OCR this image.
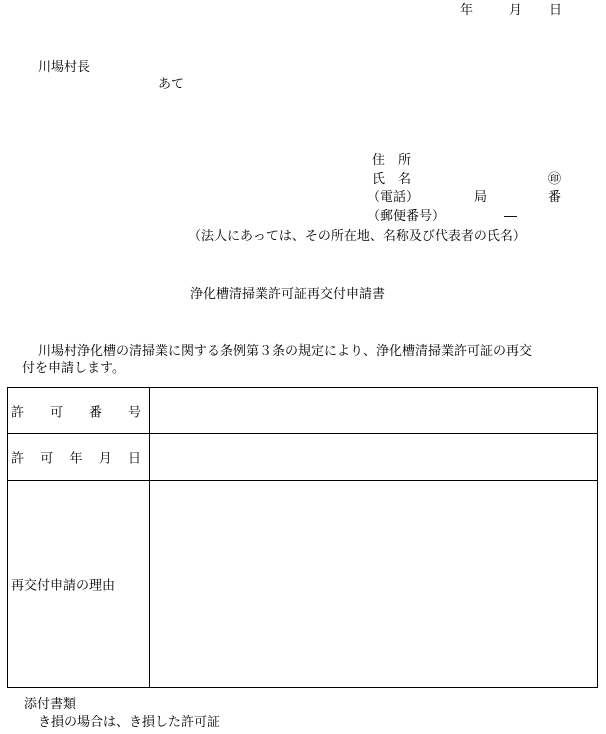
年	月 日
川場村長
あて
住　所
氏　名	㊞
（電話）	局	番
（郵便番号）	―
（法人にあっては、その所在地、名称及び代表者の氏名）
浄化槽清掃業許可証再交付申請書
川場村浄化槽の清掃業に関する条例第３条の規定により、浄化槽清掃業許可証の再交
付を申請します。
許 可 番 号
許 可 年 月 日
再交付申請の理由
添付書類
き損の場合は、き損した許可証
